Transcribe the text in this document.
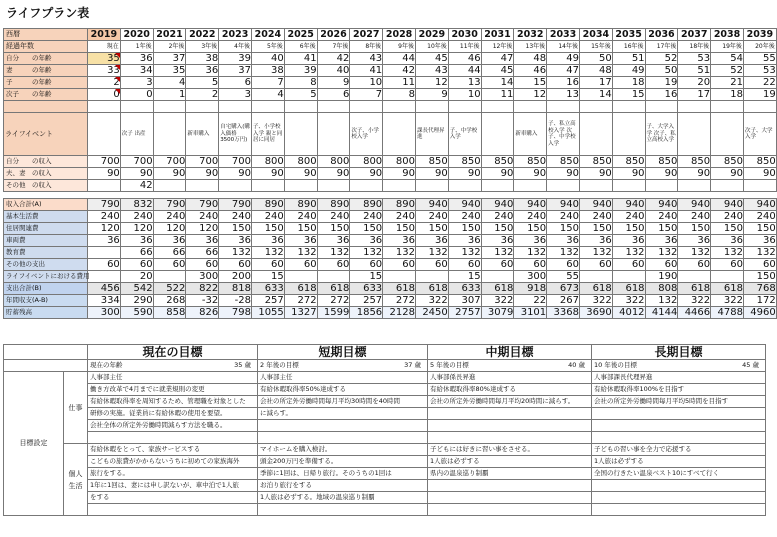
ライフプラン表
西暦	2019	2020	2021	2022	2023	2024	2025	2026	2027	2028	2029	2030	2031	2032	2033	2034	2035	2036	2037	2038	2039
経過年数	現在	1年後	2年後	3年後	4年後	5年後	6年後	7年後	8年後	9年後	10年後	11年後	12年後	13年後	14年後	15年後	16年後	17年後	18年後	19年後	20年後
自分　　の年齢	35	36	37	38	39	40	41	42	43	44	45	46	47	48	49	50	51	52	53	54	55
妻　　　の年齢	33	34	35	36	37	38	39	40	41	42	43	44	45	46	47	48	49	50	51	52	53
子　　　の年齢	2	3	4	5	6	7	8	9	10	11	12	13	14	15	16	17	18	19	20	21	22
次子　　の年齢	0	0	1	2	3	4	5	6	7	8	9	10	11	12	13	14	15	16	17	18	19

ライフイベント		次子 出産		新車購入	自宅購入(購入価格3500万円)	子、小学校入学 親と同居に同居			次子、小学校入学		課長代理昇進	子、中学校入学		新車購入	子、私立高校入学 次子、中学校入学			子、大学入学 次子、私立高校入学			次子、大学入学
自分　　の収入	700	700	700	700	700	800	800	800	800	800	850	850	850	850	850	850	850	850	850	850	850
夫、妻　の収入	90	90	90	90	90	90	90	90	90	90	90	90	90	90	90	90	90	90	90	90	90
その他　の収入		42																			

収入合計(A)	790	832	790	790	790	890	890	890	890	890	940	940	940	940	940	940	940	940	940	940	940
基本生活費	240	240	240	240	240	240	240	240	240	240	240	240	240	240	240	240	240	240	240	240	240
住居関連費	120	120	120	120	150	150	150	150	150	150	150	150	150	150	150	150	150	150	150	150	150
車両費	36	36	36	36	36	36	36	36	36	36	36	36	36	36	36	36	36	36	36	36	36
教育費		66	66	66	132	132	132	132	132	132	132	132	132	132	132	132	132	132	132	132	132
その他の支出	60	60	60	60	60	60	60	60	60	60	60	60	60	60	60	60	60	60	60	60	60
ライフイベントにおける費用		20		300	200	15			15			15		300	55			190			150
支出合計(B)	456	542	522	822	818	633	618	618	633	618	618	633	618	918	673	618	618	808	618	618	768
年間収支(A-B)	334	290	268	-32	-28	257	272	272	257	272	322	307	322	22	267	322	322	132	322	322	172
貯蓄残高	300	590	858	826	798	1055	1327	1599	1856	2128	2450	2757	3079	3101	3368	3690	4012	4144	4466	4788	4960
		現在の目標	短期目標	中期目標	長期目標

		現在の年齢 35 歳	2 年後の目標 37 歳	5 年後の目標 40 歳	10 年後の目標 45 歳

目標設定	仕事	人事部主任	人事部主任	人事部係長昇進	人事部課長代理昇進
		働き方改革で4月までに就業規則の変更	有給休暇取得率50%達成する	有給休暇取得率80%達成する	有給休暇取得率100%を目指す
		有給休暇取得率を周知するため、管理職を対象とした	会社の所定外労働時間毎月平均30時間を40時間	会社の所定外労働時間毎月平均20時間に減らす。	会社の所定外労働時間毎月平均5時間を目指す
		研修の実施。従業員に有給休暇の使用を要望。	に減らす。		
		会社全体の所定外労働時間減らす方法を職る。			

	個人生活	有給休暇をとって、家族サービスする	マイホームを購入検討。	子どもには好きに習い事をさせる。	子どもの習い事を全力で応援する
		こどもの旅費がかからないうちに初めての家族海外	頭金200万円を準備する。	1人旅は必ずする	1人旅は必ずする
		旅行をする。	季節に1回は、日帰り旅行。そのうちの1回は	県内の温泉巡り制覇	全国の行きたい温泉ベスト10にすべて行く
		1年に1回は、妻には申し訳ないが、車中泊で1人旅	お泊り旅行をする		
		をする	1人旅は必ずする。地域の温泉巡り制覇		
